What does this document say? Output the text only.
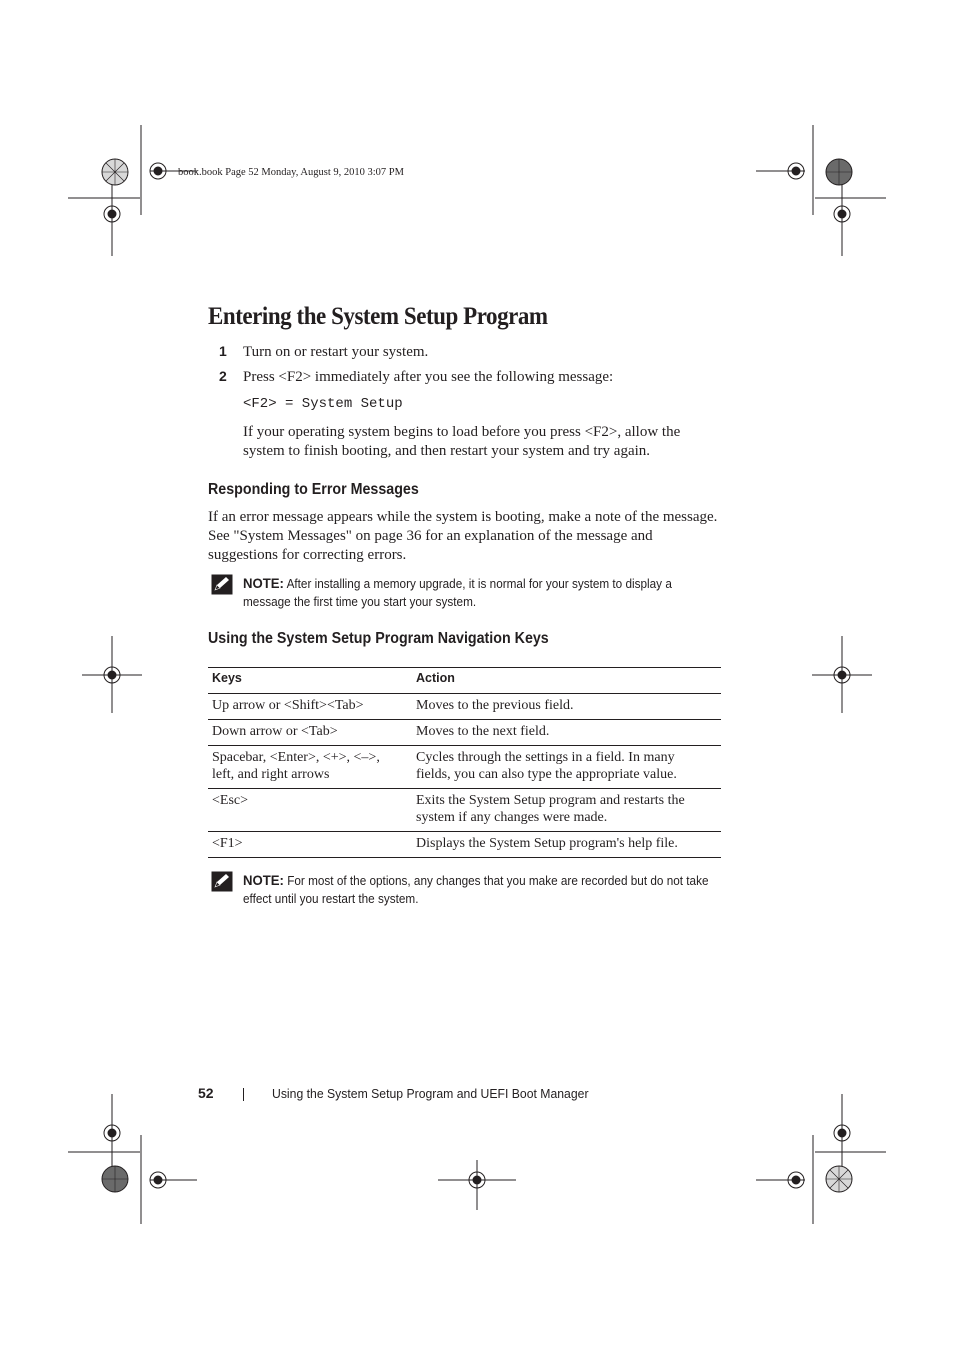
book.book Page 52 Monday, August 9, 2010 3:07 PM
Entering the System Setup Program
1 Turn on or restart your system.
2 Press <F2> immediately after you see the following message:
<F2> = System Setup
If your operating system begins to load before you press <F2>, allow the system to finish booting, and then restart your system and try again.
Responding to Error Messages
If an error message appears while the system is booting, make a note of the message. See "System Messages" on page 36 for an explanation of the message and suggestions for correcting errors.
NOTE: After installing a memory upgrade, it is normal for your system to display a message the first time you start your system.
Using the System Setup Program Navigation Keys
Keys	Action
Up arrow or <Shift><Tab>	Moves to the previous field.
Down arrow or <Tab>	Moves to the next field.
Spacebar, <Enter>, <+>, <–>, left, and right arrows	Cycles through the settings in a field. In many fields, you can also type the appropriate value.
<Esc>	Exits the System Setup program and restarts the system if any changes were made.
<F1>	Displays the System Setup program's help file.
NOTE: For most of the options, any changes that you make are recorded but do not take effect until you restart the system.
52	Using the System Setup Program and UEFI Boot Manager
